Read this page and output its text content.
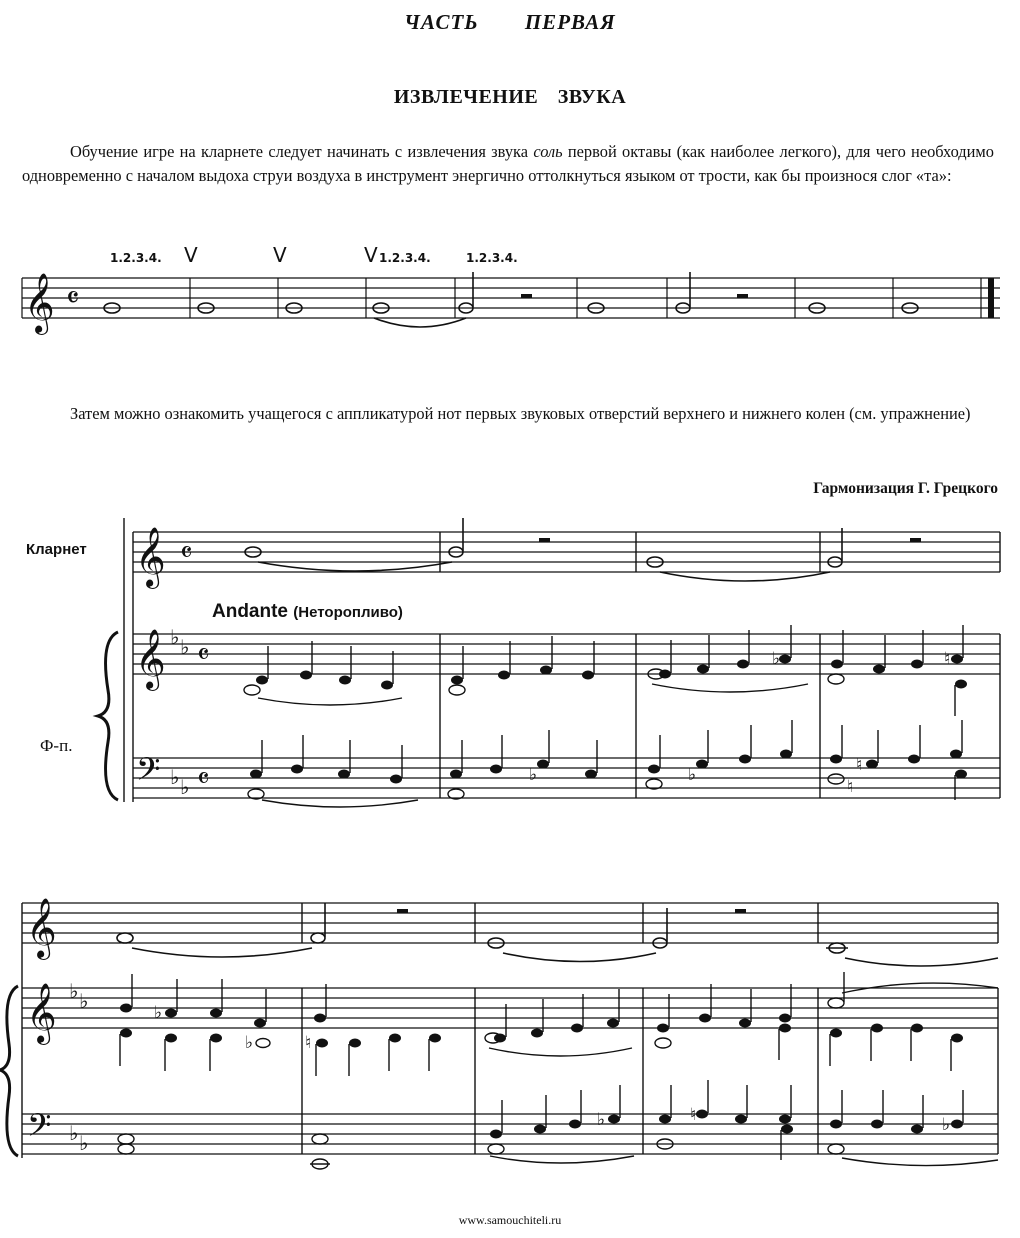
ЧАСТЬ ПЕРВАЯ
ИЗВЛЕЧЕНИЕ ЗВУКА
Обучение игре на кларнете следует начинать с извлечения звука соль первой октавы (как наиболее легкого), для чего необходимо одновременно с началом выдоха струи воздуха в инструмент энергично оттолкнуться языком от трости, как бы произнося слог «та»:
Затем можно ознакомить учащегося с аппликатурой нот первых звуковых отверстий верхнего и нижнего колен (см. упражнение)
Гармонизация Г. Грецкого
Кларнет
Ф-п.
Andante (Неторопливо)
www.samouchiteli.ru
𝄞 𝄴
1.2.3.4.	1.2.3.4.	1.2.3.4.
V	V	V
𝄞
𝄞
𝄢
𝄴
𝄴
𝄴
♭ ♭
♭ ♭
♭	♮
♭	♭	♮
♮
𝄞
𝄞
𝄢
♭ ♭
♭ ♭
♭
♭	♮
♭	♮	♭
